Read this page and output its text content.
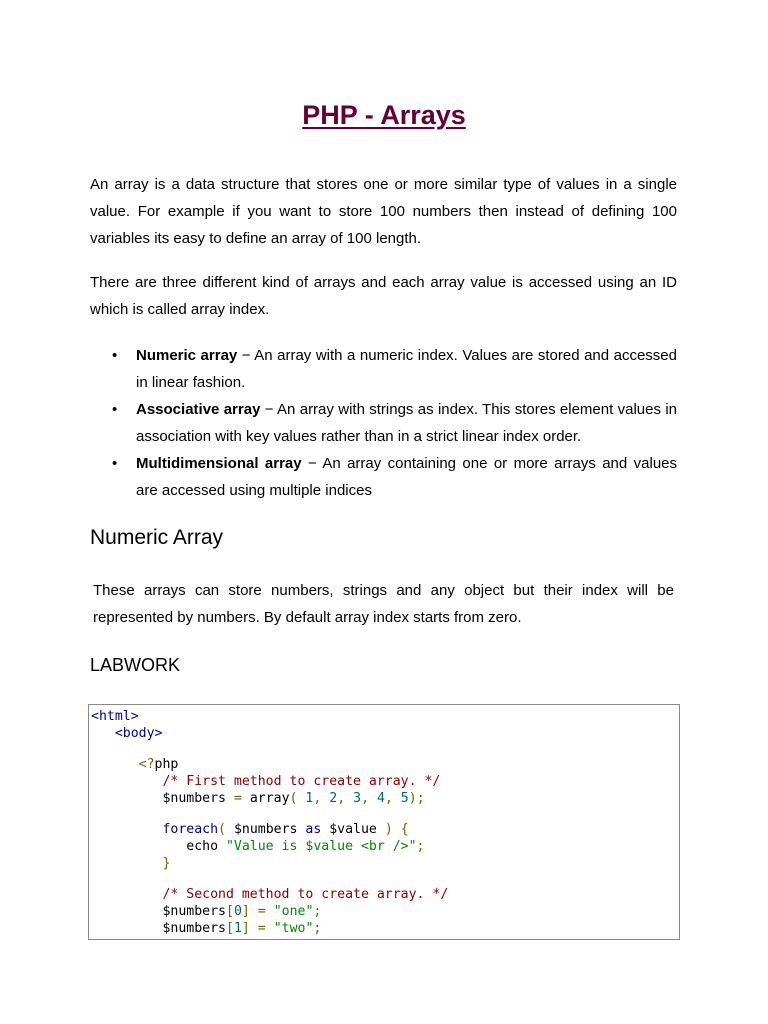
PHP - Arrays
An array is a data structure that stores one or more similar type of values in a single value. For example if you want to store 100 numbers then instead of defining 100 variables its easy to define an array of 100 length.
There are three different kind of arrays and each array value is accessed using an ID which is called array index.
• Numeric array − An array with a numeric index. Values are stored and accessed in linear fashion.
• Associative array − An array with strings as index. This stores element values in association with key values rather than in a strict linear index order.
• Multidimensional array − An array containing one or more arrays and values are accessed using multiple indices
Numeric Array
These arrays can store numbers, strings and any object but their index will be represented by numbers. By default array index starts from zero.
LABWORK
<html>
<body>
<?php
/* First method to create array. */
$numbers = array( 1, 2, 3, 4, 5);
foreach( $numbers as $value ) {
echo "Value is $value <br />";
}
/* Second method to create array. */
$numbers[0] = "one";
$numbers[1] = "two";
